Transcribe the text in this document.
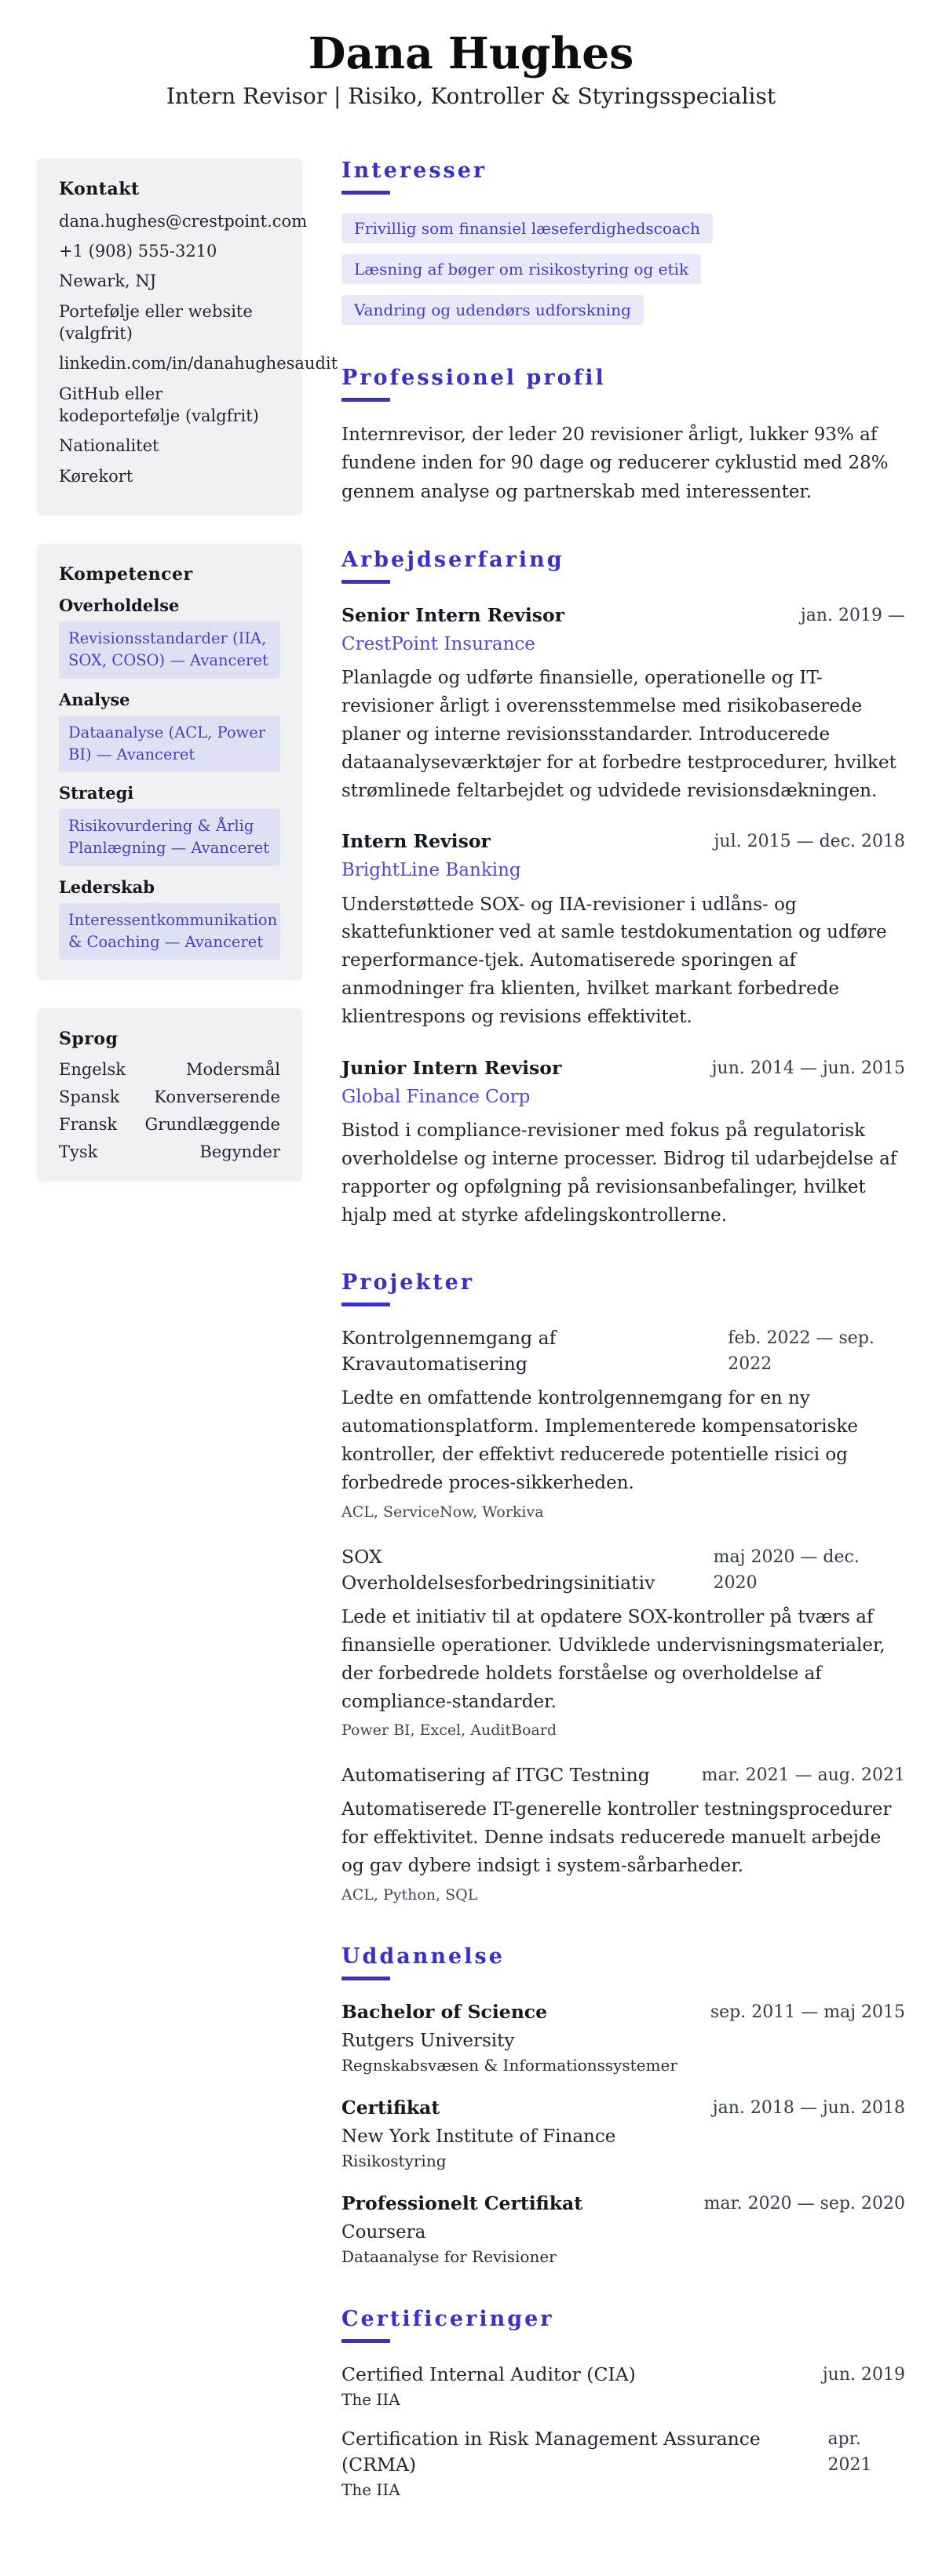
Dana Hughes
Intern Revisor | Risiko, Kontroller & Styringsspecialist
Kontakt
dana.hughes@crestpoint.com
+1 (908) 555-3210
Newark, NJ
Portefølje eller website (valgfrit)
linkedin.com/in/danahughesaudit
GitHub eller kodeportefølje (valgfrit)
Nationalitet
Kørekort
Kompetencer
Overholdelse
Revisionsstandarder (IIA, SOX, COSO) — Avanceret
Analyse
Dataanalyse (ACL, Power BI) — Avanceret
Strategi
Risikovurdering & Årlig Planlægning — Avanceret
Lederskab
Interessentkommunikation & Coaching — Avanceret
Sprog
Engelsk	Modersmål
Spansk Konverserende
Fransk Grundlæggende
Tysk	Begynder
Interesser
Frivillig som finansiel læseferdighedscoach
Læsning af bøger om risikostyring og etik
Vandring og udendørs udforskning
Professionel profil

Internrevisor, der leder 20 revisioner årligt, lukker 93% af fundene inden for 90 dage og reducerer cyklustid med 28% gennem analyse og partnerskab med interessenter.

Arbejdserfaring
Senior Intern Revisor	jan. 2019 —
CrestPoint Insurance
Planlagde og udførte finansielle, operationelle og IT-revisioner årligt i overensstemmelse med risikobaserede planer og interne revisionsstandarder. Introducerede dataanalyseværktøjer for at forbedre testprocedurer, hvilket strømlinede feltarbejdet og udvidede revisionsdækningen.
Intern Revisor	jul. 2015 — dec. 2018
BrightLine Banking
Understøttede SOX- og IIA-revisioner i udlåns- og skattefunktioner ved at samle testdokumentation og udføre reperformance-tjek. Automatiserede sporingen af anmodninger fra klienten, hvilket markant forbedrede klientrespons og revisions effektivitet.
Junior Intern Revisor	jun. 2014 — jun. 2015
Global Finance Corp
Bistod i compliance-revisioner med fokus på regulatorisk overholdelse og interne processer. Bidrog til udarbejdelse af rapporter og opfølgning på revisionsanbefalinger, hvilket hjalp med at styrke afdelingskontrollerne.
Projekter
Kontrolgennemgang af Kravautomatisering
feb. 2022 — sep. 2022
Ledte en omfattende kontrolgennemgang for en ny automationsplatform. Implementerede kompensatoriske kontroller, der effektivt reducerede potentielle risici og forbedrede proces-sikkerheden.
ACL, ServiceNow, Workiva
SOX Overholdelsesforbedringsinitiativ
maj 2020 — dec. 2020
Lede et initiativ til at opdatere SOX-kontroller på tværs af finansielle operationer. Udviklede undervisningsmaterialer, der forbedrede holdets forståelse og overholdelse af compliance-standarder.
Power BI, Excel, AuditBoard
Automatisering af ITGC Testning	mar. 2021 — aug. 2021
Automatiserede IT-generelle kontroller testningsprocedurer for effektivitet. Denne indsats reducerede manuelt arbejde og gav dybere indsigt i system-sårbarheder.
ACL, Python, SQL
Uddannelse
Bachelor of Science	sep. 2011 — maj 2015
Rutgers University
Regnskabsvæsen & Informationssystemer
Certifikat	jan. 2018 — jun. 2018
New York Institute of Finance
Risikostyring
Professionelt Certifikat	mar. 2020 — sep. 2020
Coursera
Dataanalyse for Revisioner
Certificeringer
Certified Internal Auditor (CIA)	jun. 2019
The IIA
Certification in Risk Management Assurance (CRMA)
apr. 2021
The IIA
